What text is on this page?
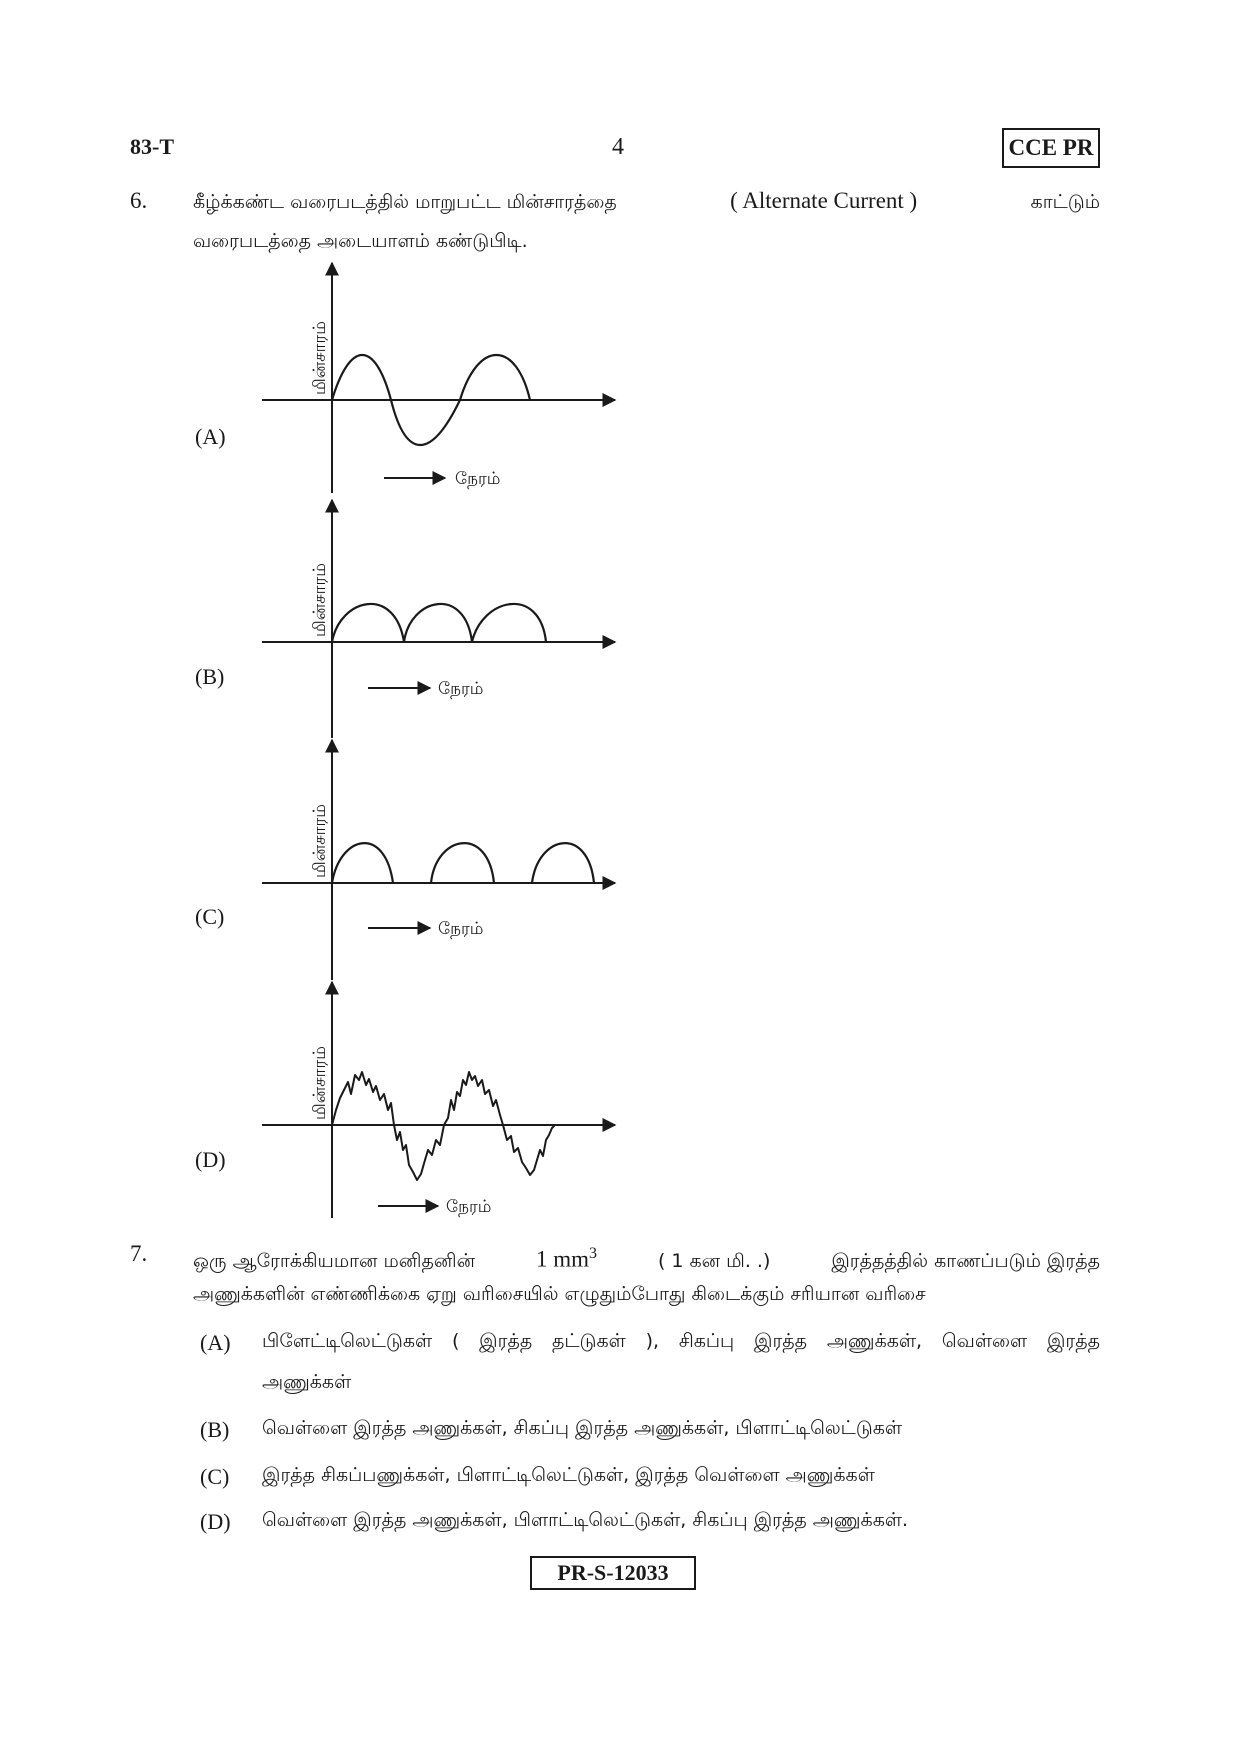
83-T	4	CCE PR
6. கீழ்க்கண்ட வரைபடத்தில் மாறுபட்ட மின்சாரத்தை	( Alternate Current )	காட்டும்
வரைபடத்தை அடையாளம் கண்டுபிடி.
(A)
நேரம்
மின்சாரம்
(B)	நேரம்
மின்சாரம்
(C)	நேரம்
மின்சாரம்
(D)
நேரம்
மின்சாரம்
7. ஒரு ஆரோக்கியமான மனிதனின்	1 $mm^3$	( 1 கன மி. .)	இரத்தத்தில் காணப்படும் இரத்த
அணுக்களின் எண்ணிக்கை ஏறு வரிசையில் எழுதும்போது கிடைக்கும் சரியான வரிசை
(A) பிளேட்டிலெட்டுகள் ( இரத்த தட்டுகள் ), சிகப்பு இரத்த அணுக்கள், வெள்ளை இரத்த
அணுக்கள்
(B) வெள்ளை இரத்த அணுக்கள், சிகப்பு இரத்த அணுக்கள், பிளாட்டிலெட்டுகள்
(C) இரத்த சிகப்பணுக்கள், பிளாட்டிலெட்டுகள், இரத்த வெள்ளை அணுக்கள்
(D) வெள்ளை இரத்த அணுக்கள், பிளாட்டிலெட்டுகள், சிகப்பு இரத்த அணுக்கள்.
PR-S-12033
